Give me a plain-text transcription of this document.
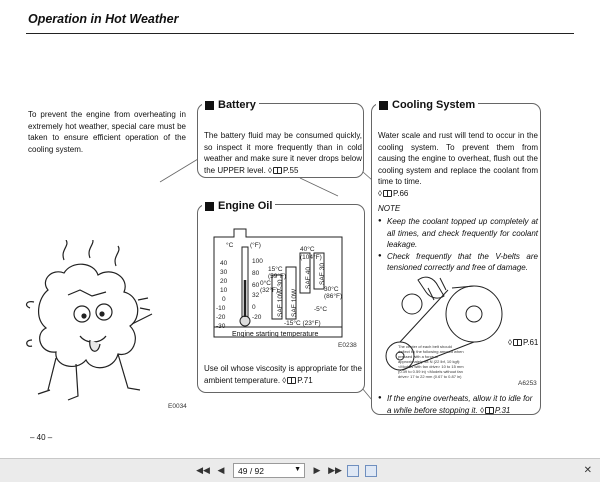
Operation in Hot Weather

To prevent the engine from overheating in extremely hot weather, special care must be taken to ensure efficient operation of the cooling system.

E0034
Battery
The battery fluid may be consumed quickly, so inspect it more frequently than in cold weather and make sure it never drops below the UPPER level. ◊ P.55
Engine Oil
°C	(°F)
40
30
20
10
0
-10
-20
-30
100
80
60
32
0
-20
40°C
(104°F)
15°C
(59°F)
0°C
(32°F)	30°C
(86°F)
-15°C (23°F)
-5°C
SAE 40 SAE 30
SAE 10W-30 SAE 10W
Engine starting temperature
E0238
Use oil whose viscosity is appropriate for the ambient temperature. ◊ P.71
Cooling System
Water scale and rust will tend to occur in the cooling system. To prevent them from causing the engine to overheat, flush out the cooling system and replace the coolant from time to time.
◊ P.66
NOTE
● Keep the coolant topped up completely at all times, and check frequently for coolant leakage.
● Check frequently that the V-belts are tensioned correctly and free of damage.
The center of each belt should deflect by the following amount when pressed with a force of approximately 98 N (22 lbf, 10 kgf): <Models with fan drive> 10 to 15 mm (0.39 to 0.59 in) <Models without fan drive> 17 to 22 mm (0.67 to 0.87 in)
◊ P.61
A6253
● If the engine overheats, allow it to idle for a while before stopping it. ◊ P.31
– 40 –
◀◀ ◀ 49 / 92	▼ ▶ ▶▶	✕
